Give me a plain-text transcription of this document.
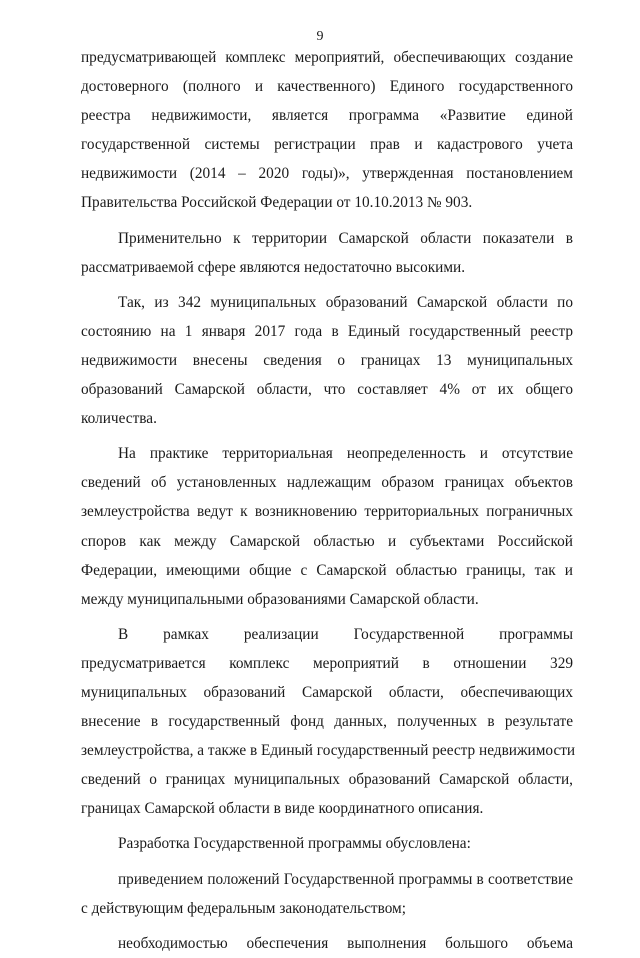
9
предусматривающей комплекс мероприятий, обеспечивающих создание
достоверного (полного и качественного) Единого государственного
реестра недвижимости, является программа «Развитие единой
государственной системы регистрации прав и кадастрового учета
недвижимости (2014 – 2020 годы)», утвержденная постановлением
Правительства Российской Федерации от 10.10.2013 № 903.
Применительно к территории Самарской области показатели в
рассматриваемой сфере являются недостаточно высокими.
Так, из 342 муниципальных образований Самарской области по
состоянию на 1 января 2017 года в Единый государственный реестр
недвижимости внесены сведения о границах 13 муниципальных
образований Самарской области, что составляет 4% от их общего
количества.
На практике территориальная неопределенность и отсутствие
сведений об установленных надлежащим образом границах объектов
землеустройства ведут к возникновению территориальных пограничных
споров как между Самарской областью и субъектами Российской
Федерации, имеющими общие с Самарской областью границы, так и
между муниципальными образованиями Самарской области.
В рамках реализации Государственной программы
предусматривается комплекс мероприятий в отношении 329
муниципальных образований Самарской области, обеспечивающих
внесение в государственный фонд данных, полученных в результате
землеустройства, а также в Единый государственный реестр недвижимости
сведений о границах муниципальных образований Самарской области,
границах Самарской области в виде координатного описания.
Разработка Государственной программы обусловлена:
приведением положений Государственной программы в соответствие
с действующим федеральным законодательством;
необходимостью обеспечения выполнения большого объема
